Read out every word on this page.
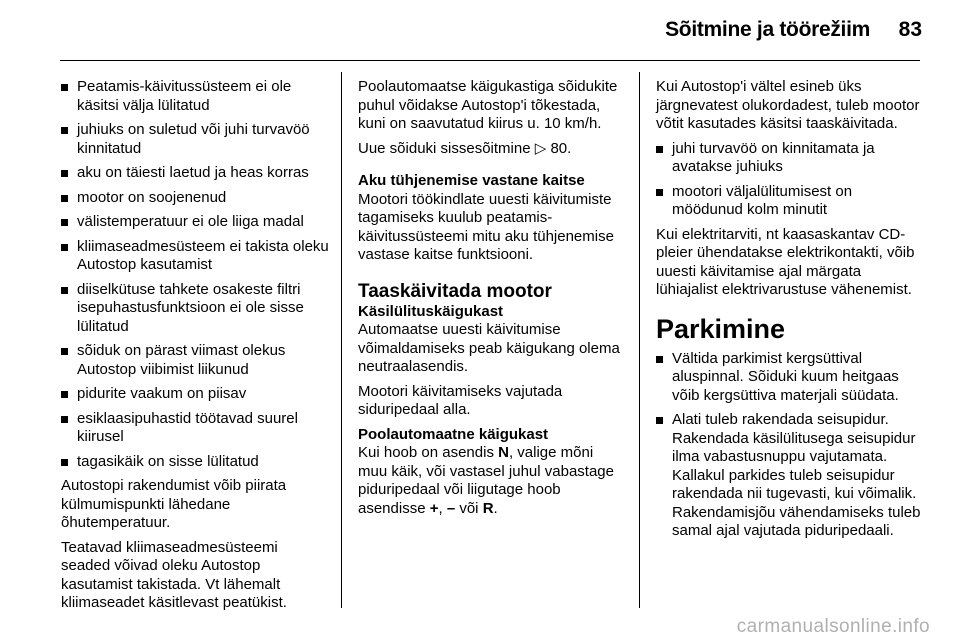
Sõitmine ja töörežiim	83
Peatamis-käivitussüsteem ei ole käsitsi välja lülitatud
juhiuks on suletud või juhi turvavöö kinnitatud
aku on täiesti laetud ja heas korras
mootor on soojenenud
välistemperatuur ei ole liiga madal
kliimaseadmesüsteem ei takista oleku Autostop kasutamist
diiselkütuse tahkete osakeste filtri isepuhastusfunktsioon ei ole sisse lülitatud
sõiduk on pärast viimast olekus Autostop viibimist liikunud
pidurite vaakum on piisav
esiklaasipuhastid töötavad suurel kiirusel
tagasikäik on sisse lülitatud
Autostopi rakendumist võib piirata külmumispunkti lähedane õhutemperatuur.
Teatavad kliimaseadmesüsteemi seaded võivad oleku Autostop kasutamist takistada. Vt lähemalt kliimaseadet käsitlevast peatükist.
Poolautomaatse käigukastiga sõidukite puhul võidakse Autostop'i tõkestada, kuni on saavutatud kiirus u. 10 km/h.
Uue sõiduki sissesõitmine ▷ 80.
Aku tühjenemise vastane kaitse
Mootori töökindlate uuesti käivitumiste tagamiseks kuulub peatamis-käivitussüsteemi mitu aku tühjenemise vastase kaitse funktsiooni.
Taaskäivitada mootor
Käsilülituskäigukast
Automaatse uuesti käivitumise võimaldamiseks peab käigukang olema neutraalasendis.
Mootori käivitamiseks vajutada siduripedaal alla.
Poolautomaatne käigukast
Kui hoob on asendis N, valige mõni muu käik, või vastasel juhul vabastage piduripedaal või liigutage hoob asendisse +, – või R.
Kui Autostop'i vältel esineb üks järgnevatest olukordadest, tuleb mootor võtit kasutades käsitsi taaskäivitada.
juhi turvavöö on kinnitamata ja avatakse juhiuks
mootori väljalülitumisest on möödunud kolm minutit
Kui elektritarviti, nt kaasaskantav CD-pleier ühendatakse elektrikontakti, võib uuesti käivitamise ajal märgata lühiajalist elektrivarustuse vähenemist.
Parkimine
Vältida parkimist kergsüttival aluspinnal. Sõiduki kuum heitgaas võib kergsüttiva materjali süüdata.
Alati tuleb rakendada seisupidur. Rakendada käsilülitusega seisupidur ilma vabastusnuppu vajutamata. Kallakul parkides tuleb seisupidur rakendada nii tugevasti, kui võimalik. Rakendamisjõu vähendamiseks tuleb samal ajal vajutada piduripedaali.
carmanualsonline.info
